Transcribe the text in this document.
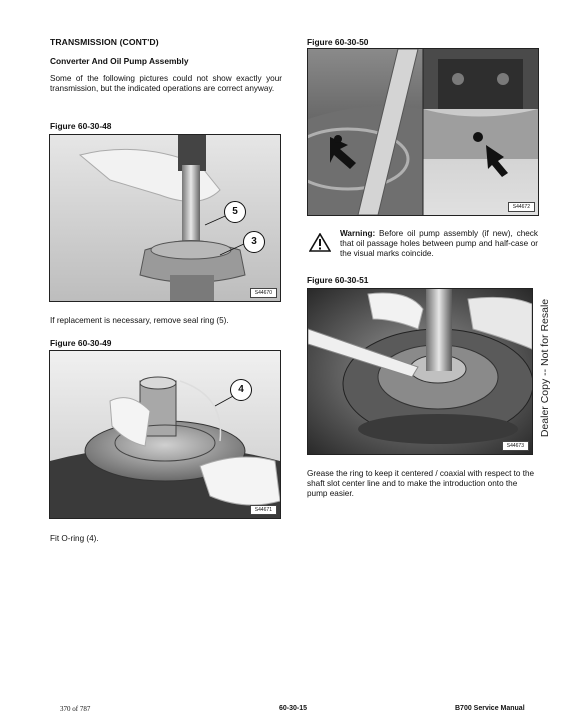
TRANSMISSION (CONT'D)
Converter And Oil Pump Assembly
Some of the following pictures could not show exactly your transmission, but the indicated operations are correct anyway.
Figure 60-30-48
5
3
S44670
If replacement is necessary, remove seal ring (5).
Figure 60-30-49
4
S44671
Fit O-ring (4).
Figure 60-30-50
S44672
Warning: Before oil pump assembly (if new), check that oil passage holes between pump and half-case or the visual marks coincide.
Figure 60-30-51
S44673
Grease the ring to keep it centered / coaxial with respect to the shaft slot center line and to make the introduction onto the pump easier.
Dealer Copy -- Not for Resale
370 of 787	60-30-15	B700 Service Manual
